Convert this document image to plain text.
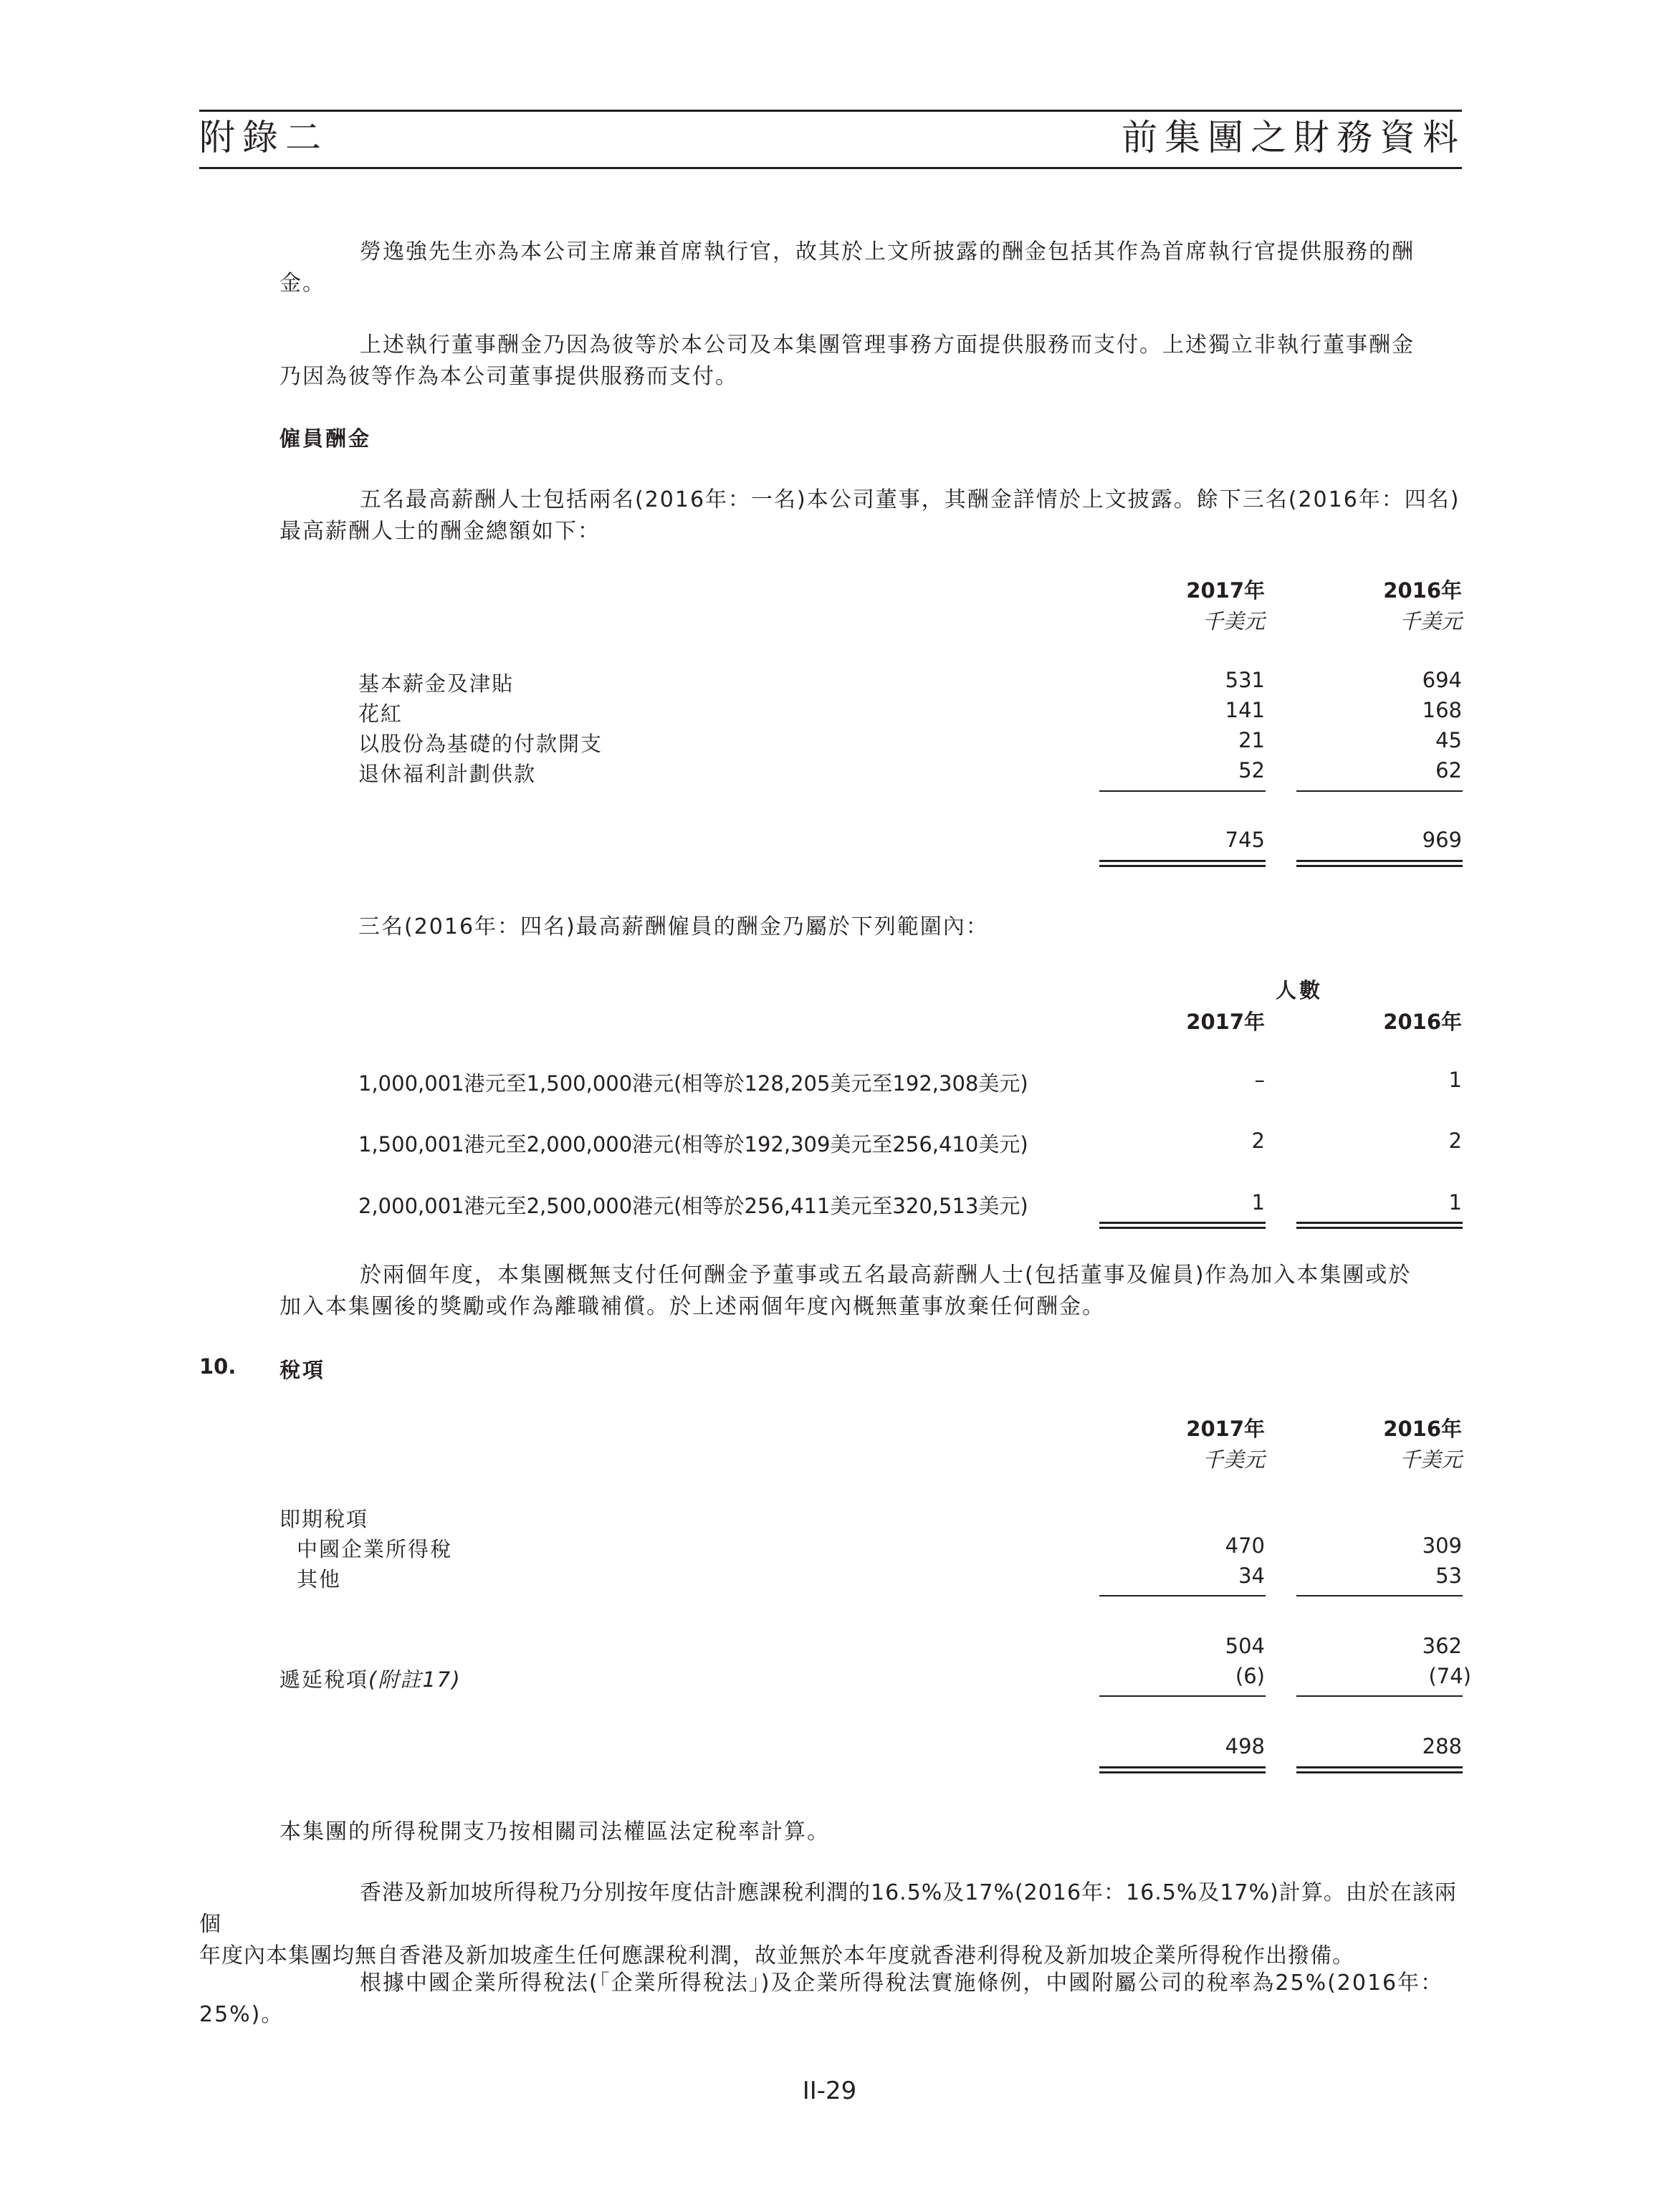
附錄二	前集團之財務資料
勞逸強先生亦為本公司主席兼首席執行官，故其於上文所披露的酬金包括其作為首席執行官提供服務的酬
金。
上述執行董事酬金乃因為彼等於本公司及本集團管理事務方面提供服務而支付。上述獨立非執行董事酬金
乃因為彼等作為本公司董事提供服務而支付。
僱員酬金
五名最高薪酬人士包括兩名(2016年：一名)本公司董事，其酬金詳情於上文披露。餘下三名(2016年：四名)
最高薪酬人士的酬金總額如下：
2017年	2016年
千美元	千美元
基本薪金及津貼	531	694
花紅	141	168
以股份為基礎的付款開支	21	45
退休福利計劃供款	52	62
745	969
三名(2016年：四名)最高薪酬僱員的酬金乃屬於下列範圍內：
人數
2017年	2016年
1,000,001港元至1,500,000港元(相等於128,205美元至192,308美元)	–	1
1,500,001港元至2,000,000港元(相等於192,309美元至256,410美元)	2	2
2,000,001港元至2,500,000港元(相等於256,411美元至320,513美元)	1	1
於兩個年度，本集團概無支付任何酬金予董事或五名最高薪酬人士(包括董事及僱員)作為加入本集團或於
加入本集團後的獎勵或作為離職補償。於上述兩個年度內概無董事放棄任何酬金。
10. 稅項
2017年	2016年
千美元	千美元
即期稅項
中國企業所得稅	470	309
其他	34	53
504	362
遞延稅項(附註17)	(6)	(74)
498	288
本集團的所得稅開支乃按相關司法權區法定稅率計算。
香港及新加坡所得稅乃分別按年度估計應課稅利潤的16.5%及17%(2016年：16.5%及17%)計算。由於在該兩個
年度內本集團均無自香港及新加坡產生任何應課稅利潤，故並無於本年度就香港利得稅及新加坡企業所得稅作出撥備。
根據中國企業所得稅法(「企業所得稅法」)及企業所得稅法實施條例，中國附屬公司的稅率為25%(2016年：
25%)。
II-29
